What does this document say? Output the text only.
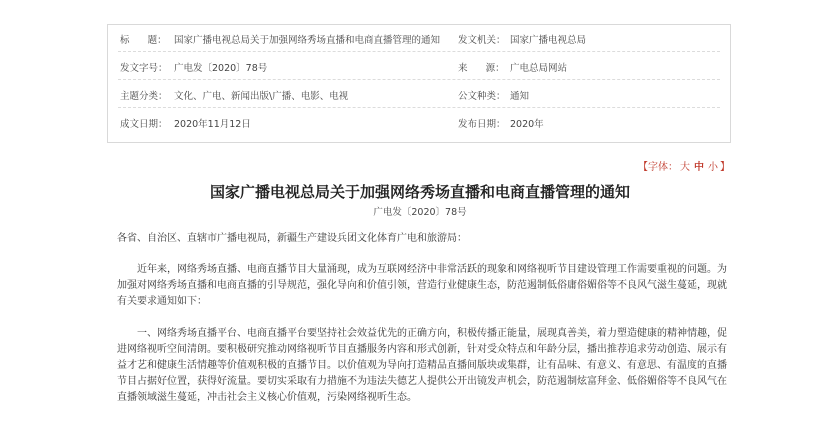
标      题： 国家广播电视总局关于加强网络秀场直播和电商直播管理的通知 发文机关： 国家广播电视总局
发文字号： 广电发〔2020〕78号	来      源： 广电总局网站
主题分类： 文化、广电、新闻出版\广播、电影、电视	公文种类： 通知
成文日期： 2020年11月12日	发布日期： 2020年
【字体： 大 中 小 】
国家广播电视总局关于加强网络秀场直播和电商直播管理的通知
广电发〔2020〕78号
各省、自治区、直辖市广播电视局，新疆生产建设兵团文化体育广电和旅游局：
近年来，网络秀场直播、电商直播节目大量涌现，成为互联网经济中非常活跃的现象和网络视听节目建设管理工作需要重视的问题。为加强对网络秀场直播和电商直播的引导规范，强化导向和价值引领，营造行业健康生态，防范遏制低俗庸俗媚俗等不良风气滋生蔓延，现就有关要求通知如下：
一、网络秀场直播平台、电商直播平台要坚持社会效益优先的正确方向，积极传播正能量，展现真善美，着力塑造健康的精神情趣，促进网络视听空间清朗。要积极研究推动网络视听节目直播服务内容和形式创新，针对受众特点和年龄分层，播出推荐追求劳动创造、展示有益才艺和健康生活情趣等价值观积极的直播节目。以价值观为导向打造精品直播间版块或集群，让有品味、有意义、有意思、有温度的直播节目占据好位置，获得好流量。要切实采取有力措施不为违法失德艺人提供公开出镜发声机会，防范遏制炫富拜金、低俗媚俗等不良风气在直播领域滋生蔓延，冲击社会主义核心价值观，污染网络视听生态。
